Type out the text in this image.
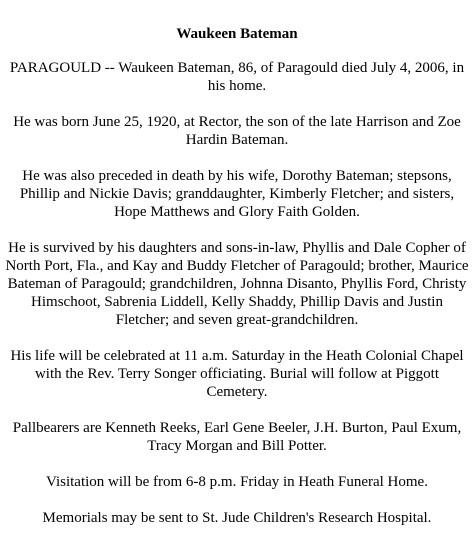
Waukeen Bateman
PARAGOULD -- Waukeen Bateman, 86, of Paragould died July 4, 2006, in his home.
He was born June 25, 1920, at Rector, the son of the late Harrison and Zoe Hardin Bateman.
He was also preceded in death by his wife, Dorothy Bateman; stepsons, Phillip and Nickie Davis; granddaughter, Kimberly Fletcher; and sisters, Hope Matthews and Glory Faith Golden.
He is survived by his daughters and sons-in-law, Phyllis and Dale Copher of North Port, Fla., and Kay and Buddy Fletcher of Paragould; brother, Maurice Bateman of Paragould; grandchildren, Johnna Disanto, Phyllis Ford, Christy Himschoot, Sabrenia Liddell, Kelly Shaddy, Phillip Davis and Justin Fletcher; and seven great-grandchildren.
His life will be celebrated at 11 a.m. Saturday in the Heath Colonial Chapel with the Rev. Terry Songer officiating. Burial will follow at Piggott Cemetery.
Pallbearers are Kenneth Reeks, Earl Gene Beeler, J.H. Burton, Paul Exum, Tracy Morgan and Bill Potter.
Visitation will be from 6-8 p.m. Friday in Heath Funeral Home.
Memorials may be sent to St. Jude Children's Research Hospital.
